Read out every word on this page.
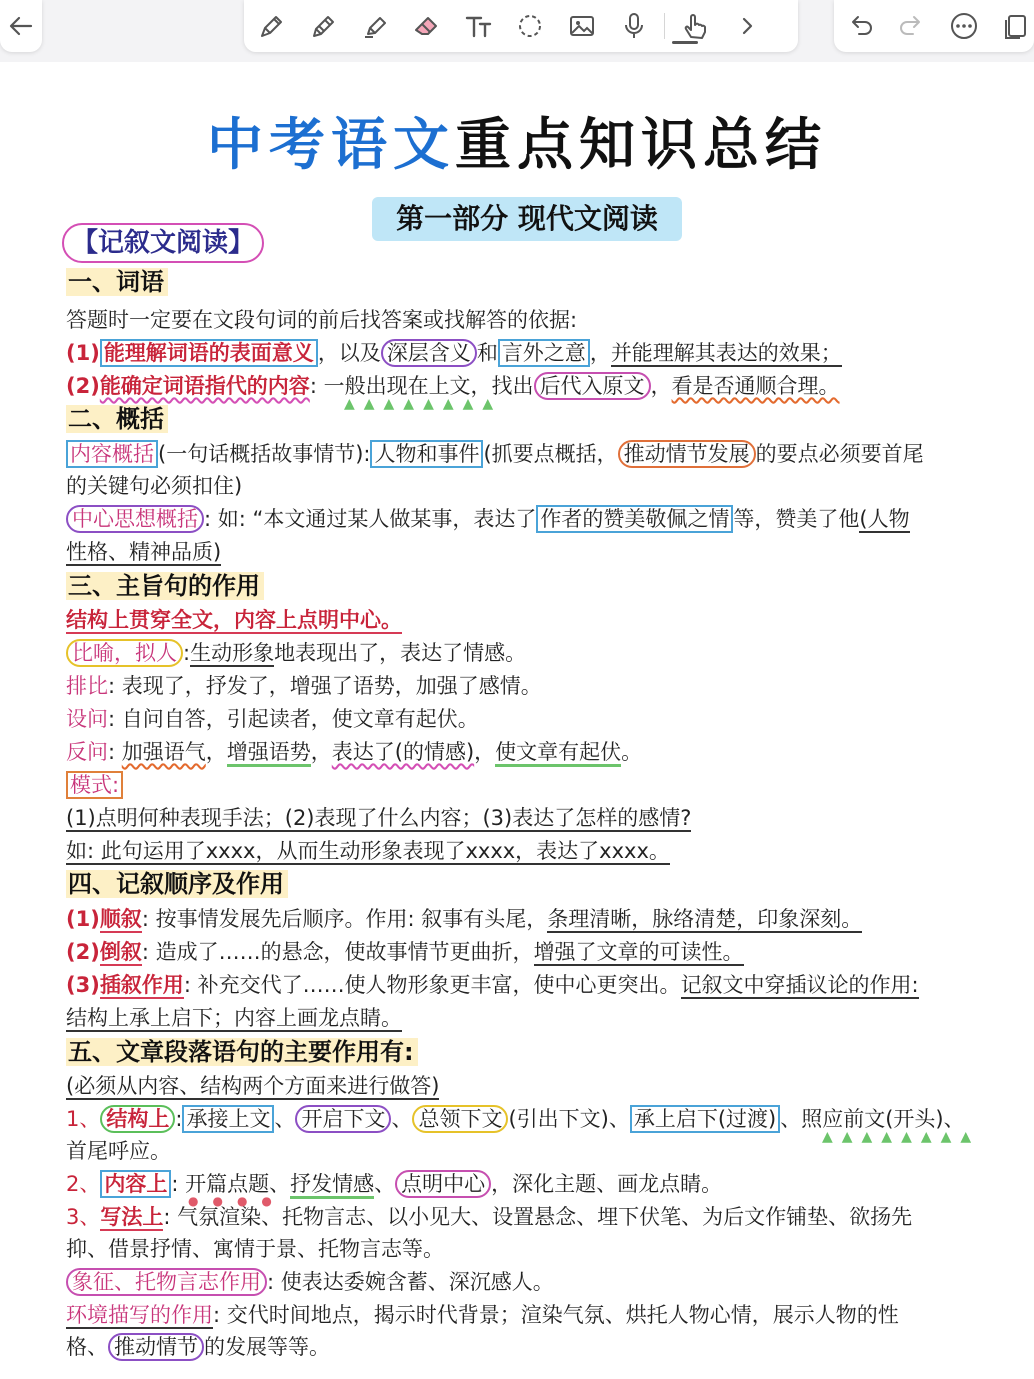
中考语文重点知识总结
第一部分 现代文阅读
【记叙文阅读】
一、词语
答题时一定要在文段句词的前后找答案或找解答的依据:
(1) 能理解词语的表面意义 ，以及 深层含义 和 言外之意 ，并能理解其表达的效果；
(2)能确定词语指代的内容: 一般出现在上文，找出 后代入原文 ，看是否通顺合理。
▲▲▲▲▲▲▲▲
二、概括
内容概括 (一句话概括故事情节): 人物和事件 (抓要点概括， 推动情节发展 的要点必须要首尾
的关键句必须扣住)
中心思想概括 : 如: “本文通过某人做某事，表达了 作者的赞美敬佩之情 等，赞美了他(人物
性格、精神品质)
三、主旨句的作用
结构上贯穿全文，内容上点明中心。
比喻，拟人 :生动形象地表现出了，表达了情感。
排比: 表现了，抒发了，增强了语势，加强了感情。
设问: 自问自答，引起读者，使文章有起伏。
反问: 加强语气，增强语势，表达了(的情感)，使文章有起伏。
模式:
(1)点明何种表现手法；(2)表现了什么内容；(3)表达了怎样的感情?
如: 此句运用了xxxx，从而生动形象表现了xxxx，表达了xxxx。
四、记叙顺序及作用
(1)顺叙: 按事情发展先后顺序。作用: 叙事有头尾，条理清晰，脉络清楚，印象深刻。
(2)倒叙: 造成了……的悬念，使故事情节更曲折，增强了文章的可读性。
(3)插叙作用: 补充交代了……使人物形象更丰富，使中心更突出。记叙文中穿插议论的作用:
结构上承上启下；内容上画龙点睛。
五、文章段落语句的主要作用有:
(必须从内容、结构两个方面来进行做答)
1、 结构上 : 承接上文 、 开启下文 、 总领下文 (引出下文)、 承上启下(过渡) 、照应前文(开头)、
▲▲▲▲▲▲▲▲
首尾呼应。
2、 内容上 : 开篇点题、抒发情感、 点明中心 ，深化主题、画龙点睛。
●●●●
3、写法上: 气氛渲染、托物言志、以小见大、设置悬念、埋下伏笔、为后文作铺垫、欲扬先
抑、借景抒情、寓情于景、托物言志等。
象征、托物言志作用 : 使表达委婉含蓄、深沉感人。
环境描写的作用: 交代时间地点，揭示时代背景；渲染气氛、烘托人物心情，展示人物的性
格、 推动情节 的发展等等。
